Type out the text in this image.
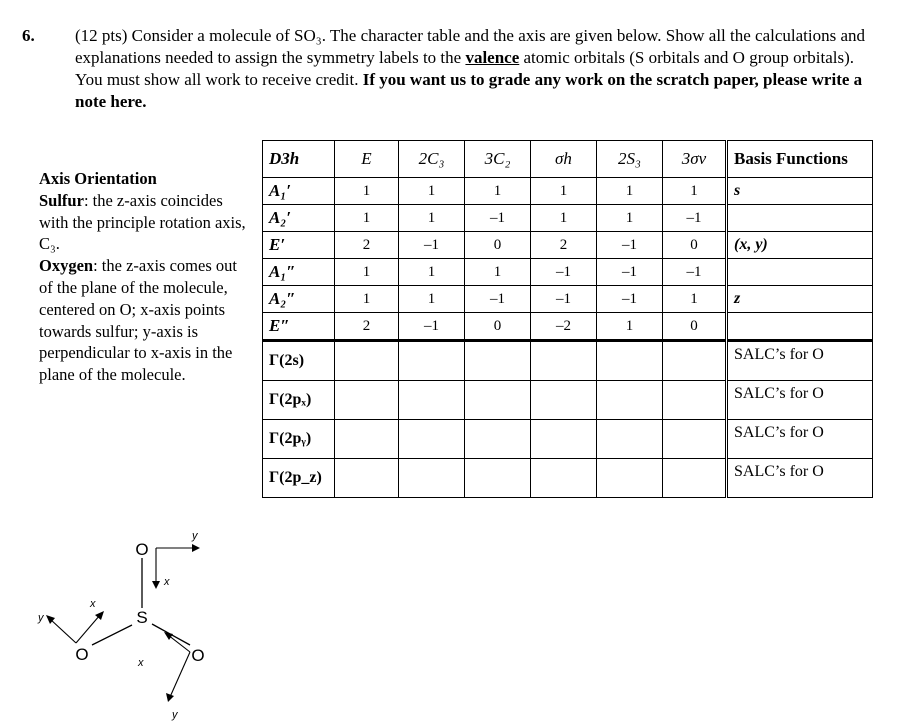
6. (12 pts) Consider a molecule of SO₃. The character table and the axis are given below. Show all the calculations and explanations needed to assign the symmetry labels to the valence atomic orbitals (S orbitals and O group orbitals). You must show all work to receive credit. If you want us to grade any work on the scratch paper, please write a note here.
Axis Orientation
Sulfur: the z-axis coincides with the principle rotation axis, C₃.
Oxygen: the z-axis comes out of the plane of the molecule, centered on O; x-axis points towards sulfur; y-axis is perpendicular to x-axis in the plane of the molecule.
D3h	E	2C₃	3C₂	σh	2S₃	3σv	Basis Functions
A₁′	1	1	1	1	1	1	s
A₂′	1	1	–1	1	1	–1	
E′	2	–1	0	2	–1	0	(x, y)
A₁″	1	1	1	–1	–1	–1	
A₂″	1	1	–1	–1	–1	1	z
E″	2	–1	0	–2	1	0	
Γ(2s)							SALC’s for O
Γ(2pₓ)							SALC’s for O
Γ(2pᵧ)							SALC’s for O
Γ(2p_z)							SALC’s for O
O
S
O	O
x
y
x
y
x
y
